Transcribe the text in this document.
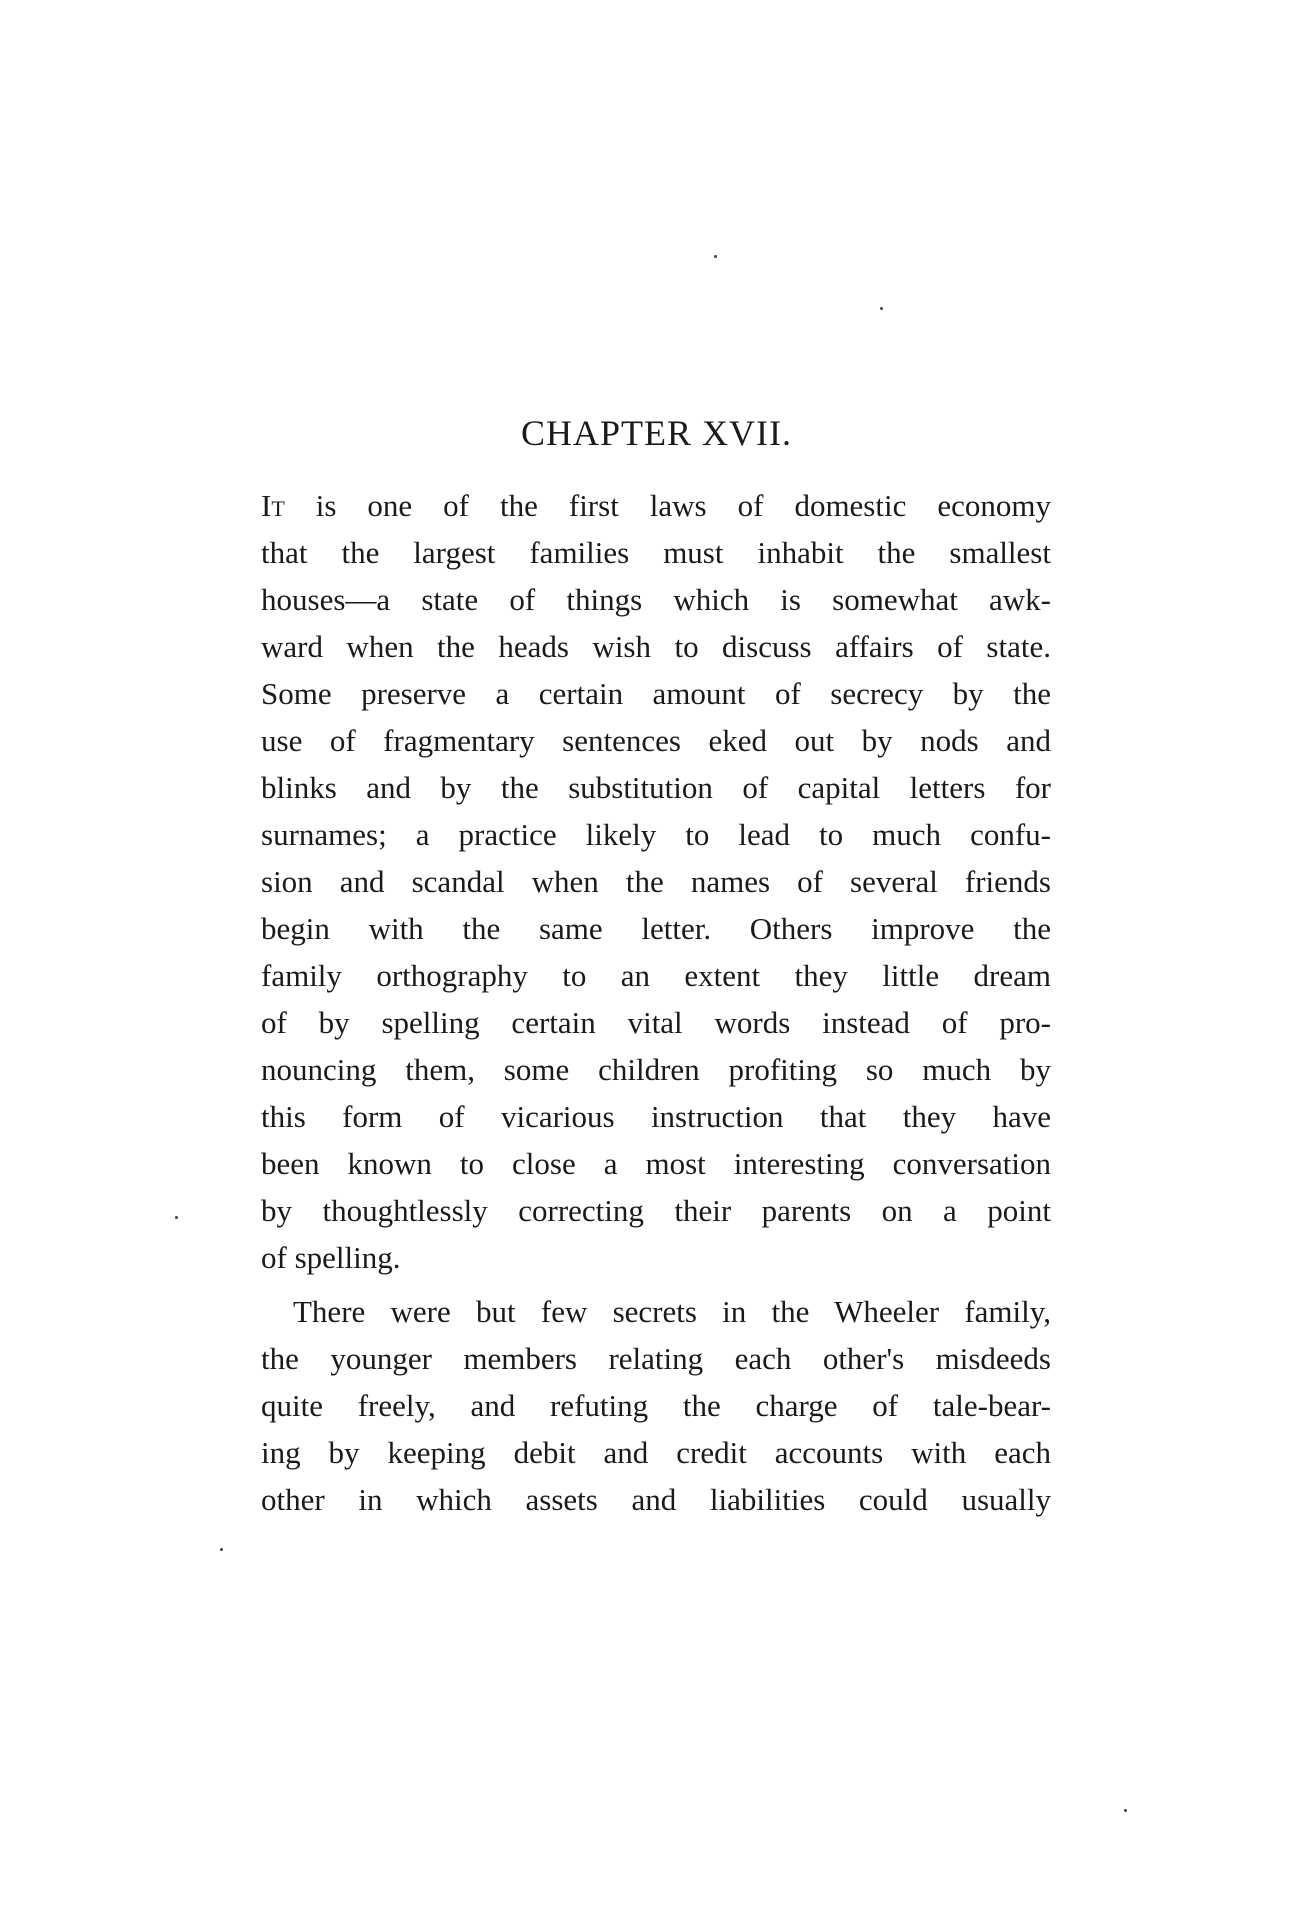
CHAPTER XVII.
It is one of the first laws of domestic economy
that the largest families must inhabit the smallest
houses—a state of things which is somewhat awk-
ward when the heads wish to discuss affairs of state.
Some preserve a certain amount of secrecy by the
use of fragmentary sentences eked out by nods and
blinks and by the substitution of capital letters for
surnames; a practice likely to lead to much confu-
sion and scandal when the names of several friends
begin with the same letter. Others improve the
family orthography to an extent they little dream
of by spelling certain vital words instead of pro-
nouncing them, some children profiting so much by
this form of vicarious instruction that they have
been known to close a most interesting conversation
by thoughtlessly correcting their parents on a point
of spelling.
There were but few secrets in the Wheeler family,
the younger members relating each other's misdeeds
quite freely, and refuting the charge of tale-bear-
ing by keeping debit and credit accounts with each
other in which assets and liabilities could usually
